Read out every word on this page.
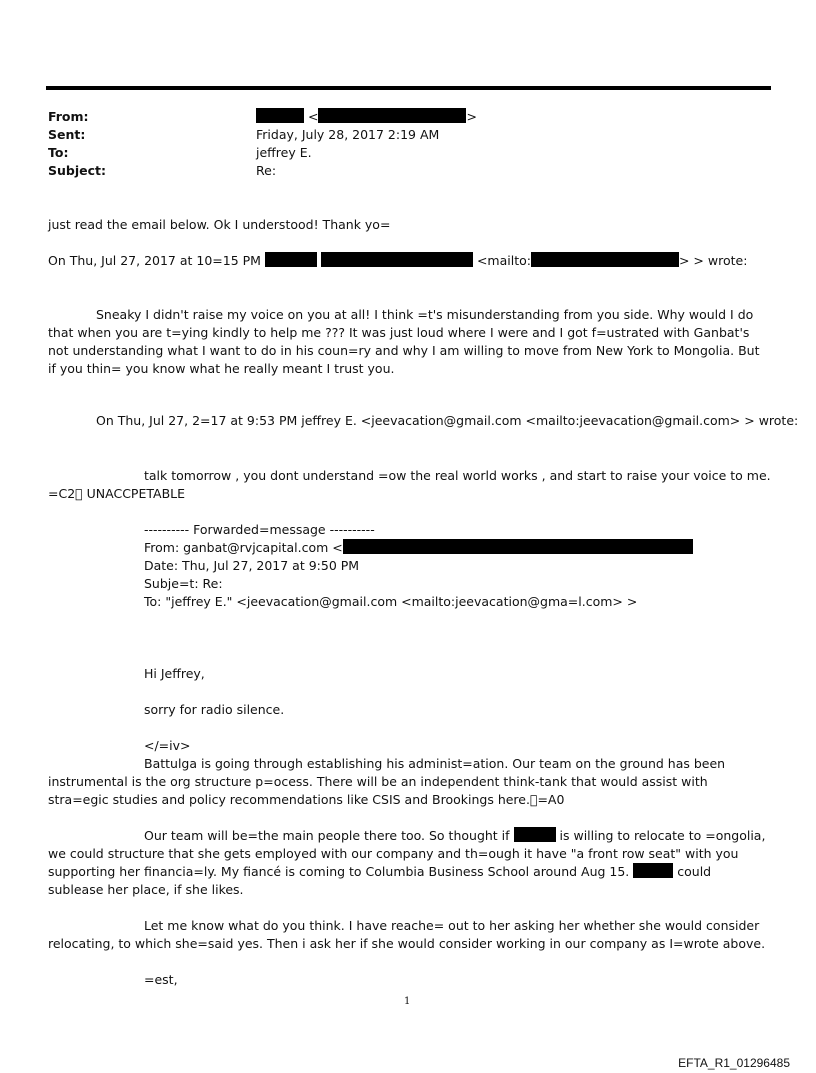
From:	<	>
Sent:	Friday, July 28, 2017 2:19 AM
To:	jeffrey E.
Subject:	Re:
just read the email below. Ok I understood! Thank yo=
On Thu, Jul 27, 2017 at 10=15 PM	<mailto:	> > wrote:
Sneaky I didn't raise my voice on you at all! I think =t's misunderstanding from you side. Why would I do that when you are t=ying kindly to help me ??? It was just loud where I were and I got f=ustrated with Ganbat's not understanding what I want to do in his coun=ry and why I am willing to move from New York to Mongolia. But if you thin= you know what he really meant I trust you.
On Thu, Jul 27, 2=17 at 9:53 PM jeffrey E. <jeevacation@gmail.com <mailto:jeevacation@gmail.com> > wrote:
talk tomorrow , you dont understand =ow the real world works , and start to raise your voice to me.
=C2  UNACCPETABLE
---------- Forwarded=message ----------
From: ganbat@rvjcapital.com <
Date: Thu, Jul 27, 2017 at 9:50 PM
Subje=t: Re:
To: "jeffrey E." <jeevacation@gmail.com <mailto:jeevacation@gma=l.com> >
Hi Jeffrey,
sorry for radio silence.
</=iv>
Battulga is going through establishing his administ=ation. Our team on the ground has been instrumental is the org structure p=ocess. There will be an independent think-tank that would assist with stra=egic studies and policy recommendations like CSIS and Brookings here. =A0
Our team will be=the main people there too. So thought if	is willing to relocate to =ongolia, we could structure that she gets employed with our company and th=ough it have "a front row seat" with you supporting her financia=ly. My fiancé is coming to Columbia Business School around Aug 15.	could sublease her place, if she likes.
Let me know what do you think. I have reache= out to her asking her whether she would consider relocating, to which she=said yes. Then i ask her if she would consider working in our company as I=wrote above.
=est,
1
EFTA_R1_01296485
